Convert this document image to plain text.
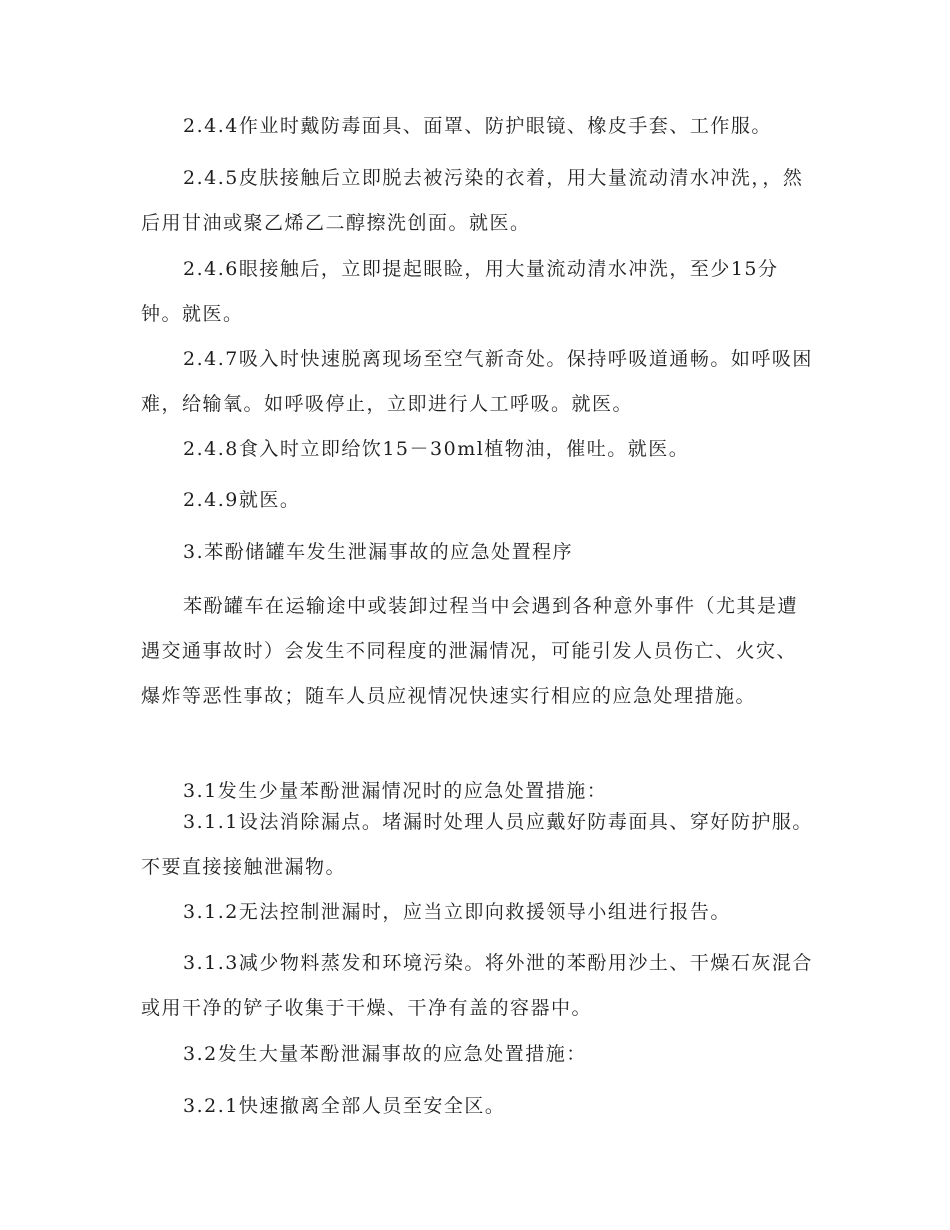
2.4.4作业时戴防毒面具、面罩、防护眼镜、橡皮手套、工作服。

2.4.5皮肤接触后立即脱去被污染的衣着，用大量流动清水冲洗，，然后用甘油或聚乙烯乙二醇擦洗创面。就医。

2.4.6眼接触后，立即提起眼睑，用大量流动清水冲洗，至少15分钟。就医。

2.4.7吸入时快速脱离现场至空气新奇处。保持呼吸道通畅。如呼吸困难，给输氧。如呼吸停止，立即进行人工呼吸。就医。

2.4.8食入时立即给饮15－30ml植物油，催吐。就医。

2.4.9就医。

3.苯酚储罐车发生泄漏事故的应急处置程序

苯酚罐车在运输途中或装卸过程当中会遇到各种意外事件（尤其是遭遇交通事故时）会发生不同程度的泄漏情况，可能引发人员伤亡、火灾、爆炸等恶性事故；随车人员应视情况快速实行相应的应急处理措施。

3.1发生少量苯酚泄漏情况时的应急处置措施：

3.1.1设法消除漏点。堵漏时处理人员应戴好防毒面具、穿好防护服。不要直接接触泄漏物。

3.1.2无法控制泄漏时，应当立即向救援领导小组进行报告。

3.1.3减少物料蒸发和环境污染。将外泄的苯酚用沙土、干燥石灰混合或用干净的铲子收集于干燥、干净有盖的容器中。

3.2发生大量苯酚泄漏事故的应急处置措施：

3.2.1快速撤离全部人员至安全区。
